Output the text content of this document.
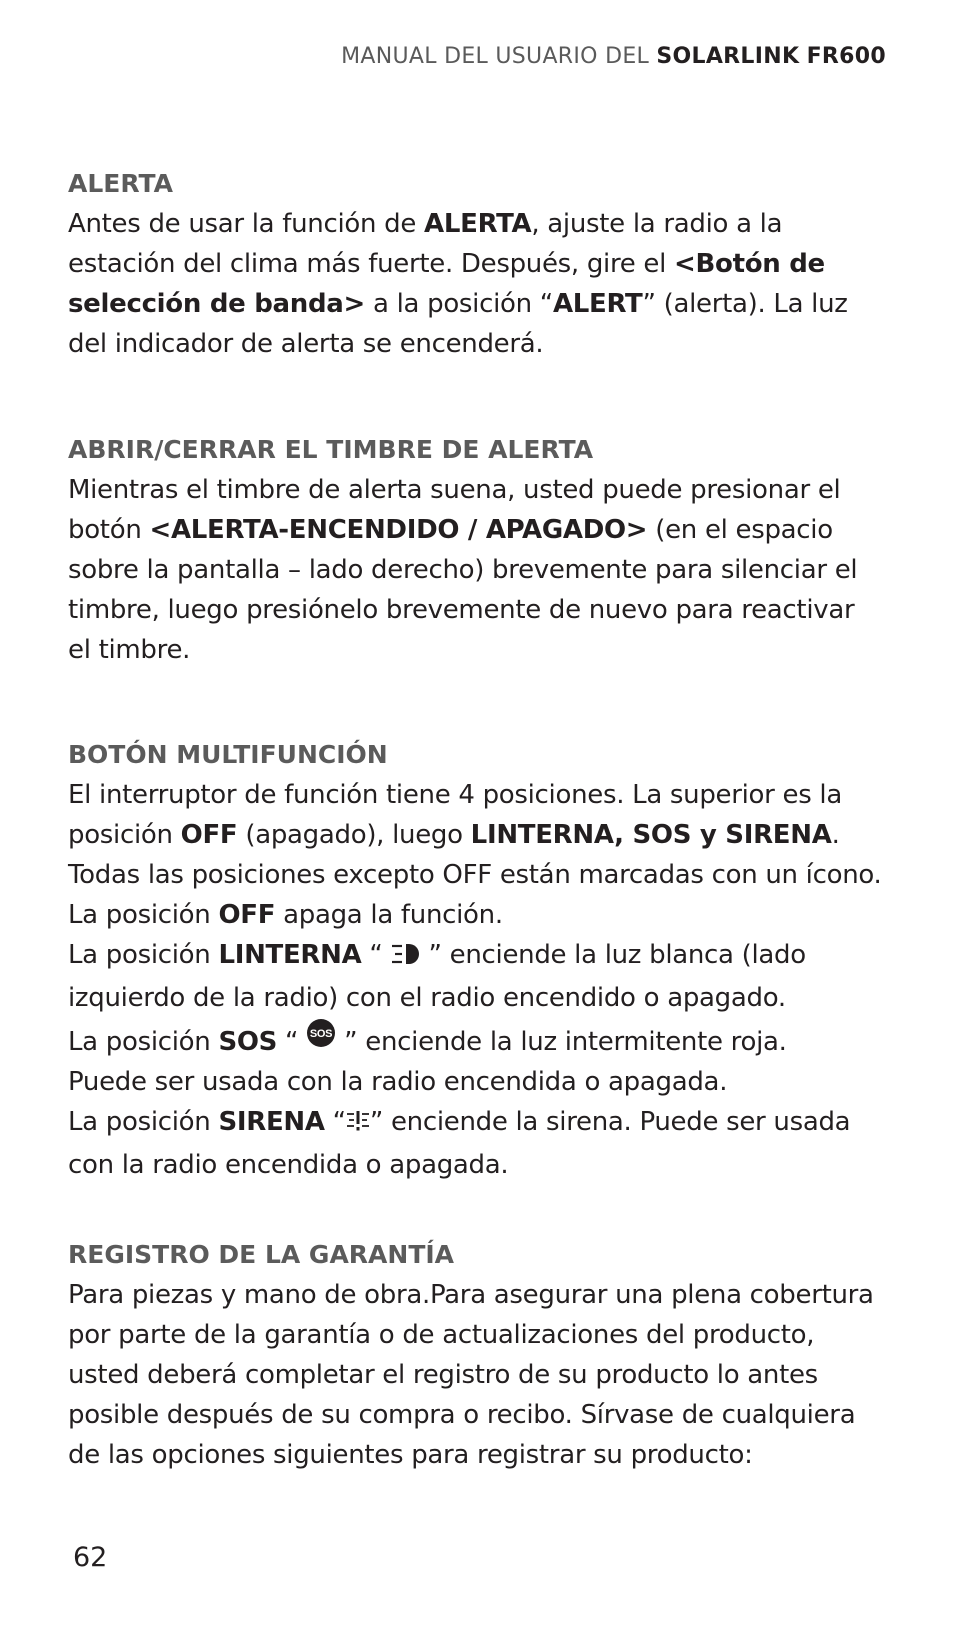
MANUAL DEL USUARIO DEL SOLARLINK FR600
ALERTA
Antes de usar la función de ALERTA, ajuste la radio a la
estación del clima más fuerte. Después, gire el <Botón de
selección de banda> a la posición “ALERT” (alerta). La luz
del indicador de alerta se encenderá.
ABRIR/CERRAR EL TIMBRE DE ALERTA
Mientras el timbre de alerta suena, usted puede presionar el
botón <ALERTA-ENCENDIDO / APAGADO> (en el espacio
sobre la pantalla – lado derecho) brevemente para silenciar el
timbre, luego presiónelo brevemente de nuevo para reactivar
el timbre.
BOTÓN MULTIFUNCIÓN
El interruptor de función tiene 4 posiciones. La superior es la
posición OFF (apagado), luego LINTERNA, SOS y SIRENA.
Todas las posiciones excepto OFF están marcadas con un ícono.
La posición OFF apaga la función.
La posición LINTERNA “  ” enciende la luz blanca (lado
izquierdo de la radio) con el radio encendido o apagado.
La posición SOS “ SOS ” enciende la luz intermitente roja.
Puede ser usada con la radio encendida o apagada.
La posición SIRENA “ ” enciende la sirena. Puede ser usada
con la radio encendida o apagada.
REGISTRO DE LA GARANTÍA
Para piezas y mano de obra.Para asegurar una plena cobertura
por parte de la garantía o de actualizaciones del producto,
usted deberá completar el registro de su producto lo antes
posible después de su compra o recibo. Sírvase de cualquiera
de las opciones siguientes para registrar su producto:
62
